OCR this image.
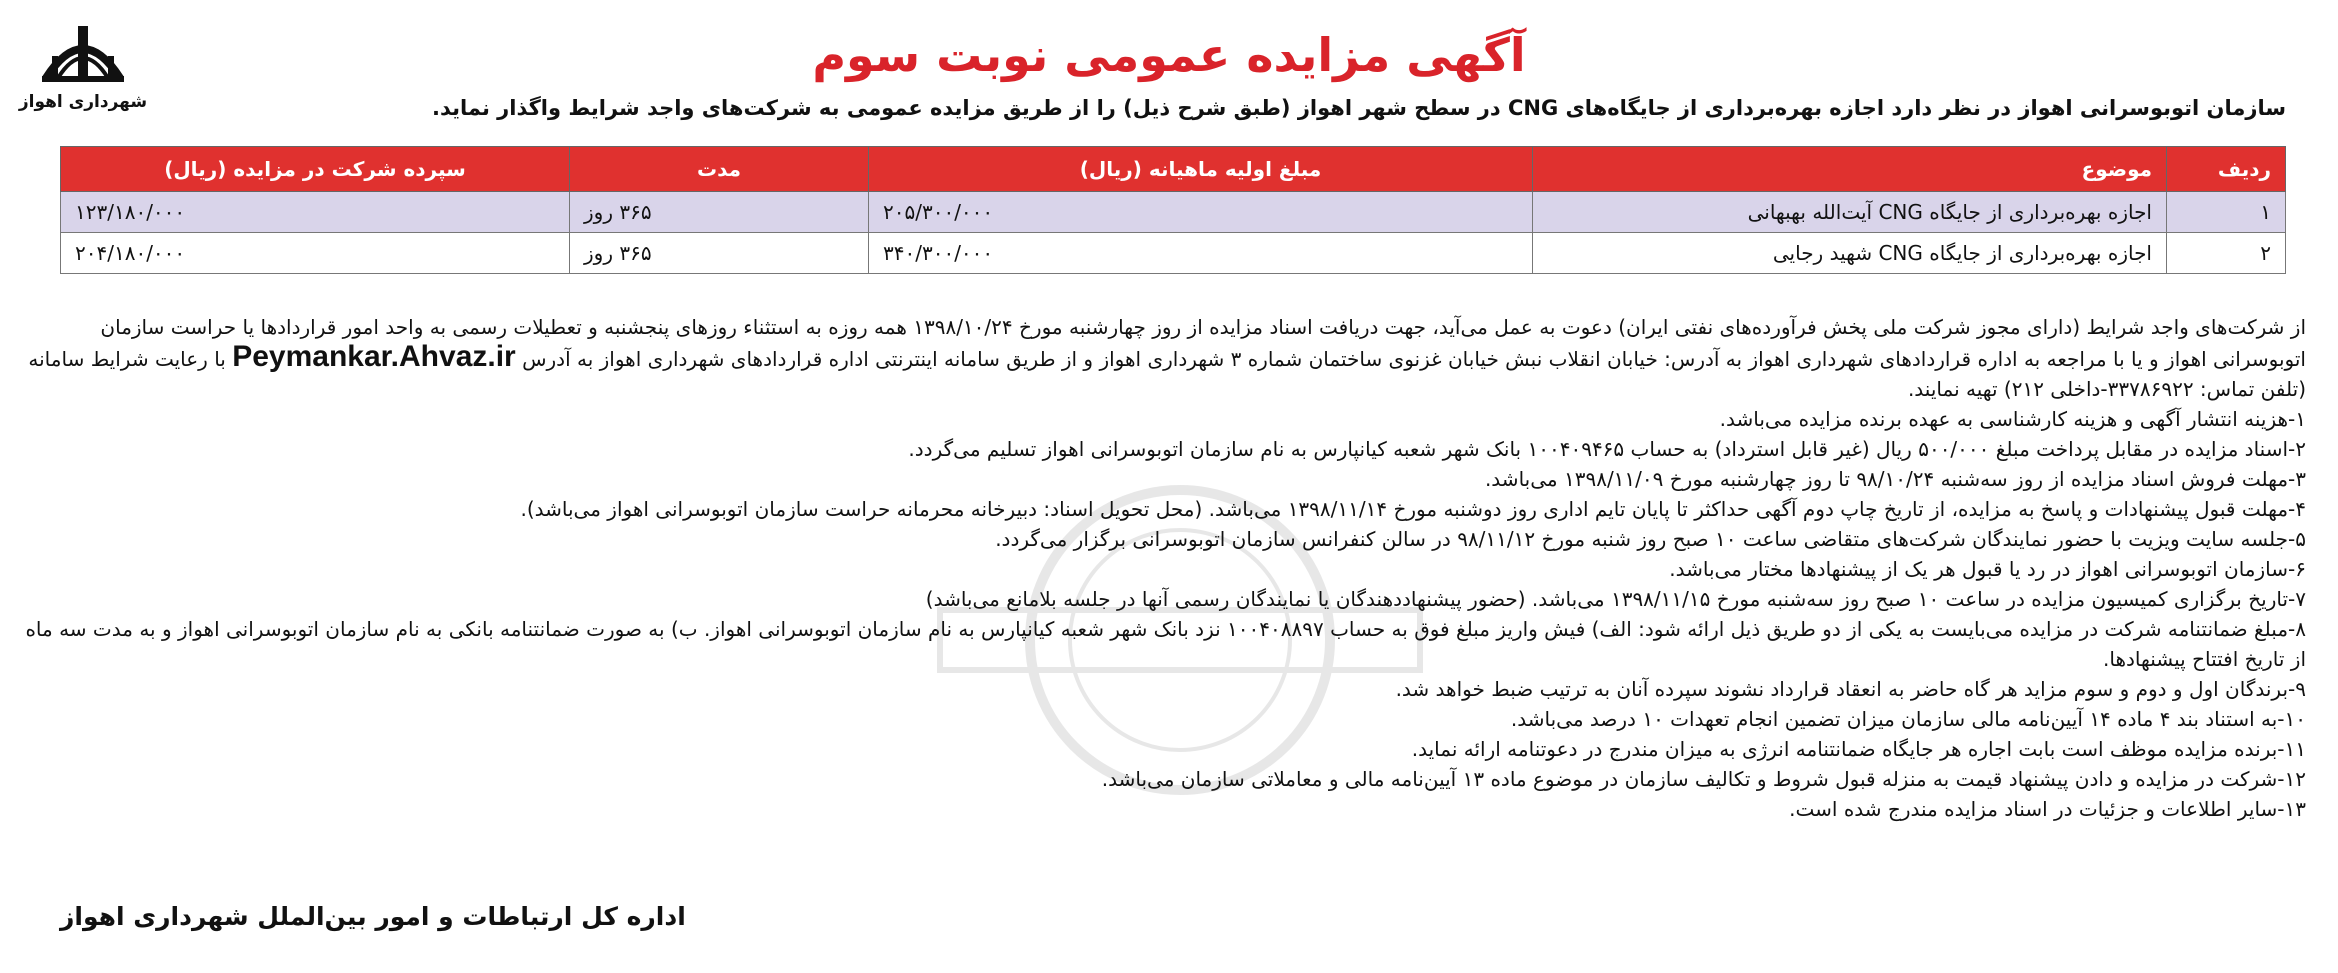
شهرداری اهواز
آگهی مزایده عمومی نوبت سوم
سازمان اتوبوسرانی اهواز در نظر دارد اجازه بهره‌برداری از جایگاه‌های CNG در سطح شهر اهواز (طبق شرح ذیل) را از طریق مزایده عمومی به شرکت‌های واجد شرایط واگذار نماید.
ردیف	موضوع	مبلغ اولیه ماهیانه (ریال)	مدت	سپرده شرکت در مزایده (ریال)
۱	اجازه بهره‌برداری از جایگاه CNG آیت‌الله بهبهانی	۲۰۵/۳۰۰/۰۰۰	۳۶۵ روز	۱۲۳/۱۸۰/۰۰۰
۲	اجازه بهره‌برداری از جایگاه CNG شهید رجایی	۳۴۰/۳۰۰/۰۰۰	۳۶۵ روز	۲۰۴/۱۸۰/۰۰۰

از شرکت‌های واجد شرایط (دارای مجوز شرکت ملی پخش فرآورده‌های نفتی ایران) دعوت به عمل می‌آید، جهت دریافت اسناد مزایده از روز چهارشنبه مورخ ۱۳۹۸/۱۰/۲۴ همه روزه به استثناء روزهای پنجشنبه و تعطیلات رسمی به واحد امور قراردادها یا حراست سازمان

اتوبوسرانی اهواز و یا با مراجعه به اداره قراردادهای شهرداری اهواز به آدرس: خیابان انقلاب نبش خیابان غزنوی ساختمان شماره ۳ شهرداری اهواز و از طریق سامانه اینترنتی اداره قراردادهای شهرداری اهواز به آدرس Peymankar.Ahvaz.ir با رعایت شرایط سامانه

(تلفن تماس: ۳۳۷۸۶۹۲۲-داخلی ۲۱۲) تهیه نمایند.

۱-هزینه انتشار آگهی و هزینه کارشناسی به عهده برنده مزایده می‌باشد.

۲-اسناد مزایده در مقابل پرداخت مبلغ ۵۰۰/۰۰۰ ریال (غیر قابل استرداد) به حساب ۱۰۰۴۰۹۴۶۵ بانک شهر شعبه کیانپارس به نام سازمان اتوبوسرانی اهواز تسلیم می‌گردد.

۳-مهلت فروش اسناد مزایده از روز سه‌شنبه ۹۸/۱۰/۲۴ تا روز چهارشنبه مورخ ۱۳۹۸/۱۱/۰۹ می‌باشد.

۴-مهلت قبول پیشنهادات و پاسخ به مزایده، از تاریخ چاپ دوم آگهی حداکثر تا پایان تایم اداری روز دوشنبه مورخ ۱۳۹۸/۱۱/۱۴ می‌باشد. (محل تحویل اسناد: دبیرخانه محرمانه حراست سازمان اتوبوسرانی اهواز می‌باشد).

۵-جلسه سایت ویزیت با حضور نمایندگان شرکت‌های متقاضی ساعت ۱۰ صبح روز شنبه مورخ ۹۸/۱۱/۱۲ در سالن کنفرانس سازمان اتوبوسرانی برگزار می‌گردد.

۶-سازمان اتوبوسرانی اهواز در رد یا قبول هر یک از پیشنهادها مختار می‌باشد.

۷-تاریخ برگزاری کمیسیون مزایده در ساعت ۱۰ صبح روز سه‌شنبه مورخ ۱۳۹۸/۱۱/۱۵ می‌باشد. (حضور پیشنهاددهندگان یا نمایندگان رسمی آنها در جلسه بلامانع می‌باشد)

۸-مبلغ ضمانتنامه شرکت در مزایده می‌بایست به یکی از دو طریق ذیل ارائه شود: الف) فیش واریز مبلغ فوق به حساب ۱۰۰۴۰۸۸۹۷ نزد بانک شهر شعبه کیانپارس به نام سازمان اتوبوسرانی اهواز. ب) به صورت ضمانتنامه بانکی به نام سازمان اتوبوسرانی اهواز و به مدت سه ماه

از تاریخ افتتاح پیشنهادها.

۹-برندگان اول و دوم و سوم مزاید هر گاه حاضر به انعقاد قرارداد نشوند سپرده آنان به ترتیب ضبط خواهد شد.

۱۰-به استناد بند ۴ ماده ۱۴ آیین‌نامه مالی سازمان میزان تضمین انجام تعهدات ۱۰ درصد می‌باشد.

۱۱-برنده مزایده موظف است بابت اجاره هر جایگاه ضمانتنامه انرژی به میزان مندرج در دعوتنامه ارائه نماید.

۱۲-شرکت در مزایده و دادن پیشنهاد قیمت به منزله قبول شروط و تکالیف سازمان در موضوع ماده ۱۳ آیین‌نامه مالی و معاملاتی سازمان می‌باشد.

۱۳-سایر اطلاعات و جزئیات در اسناد مزایده مندرج شده است.

اداره کل ارتباطات و امور بین‌الملل شهرداری اهواز
